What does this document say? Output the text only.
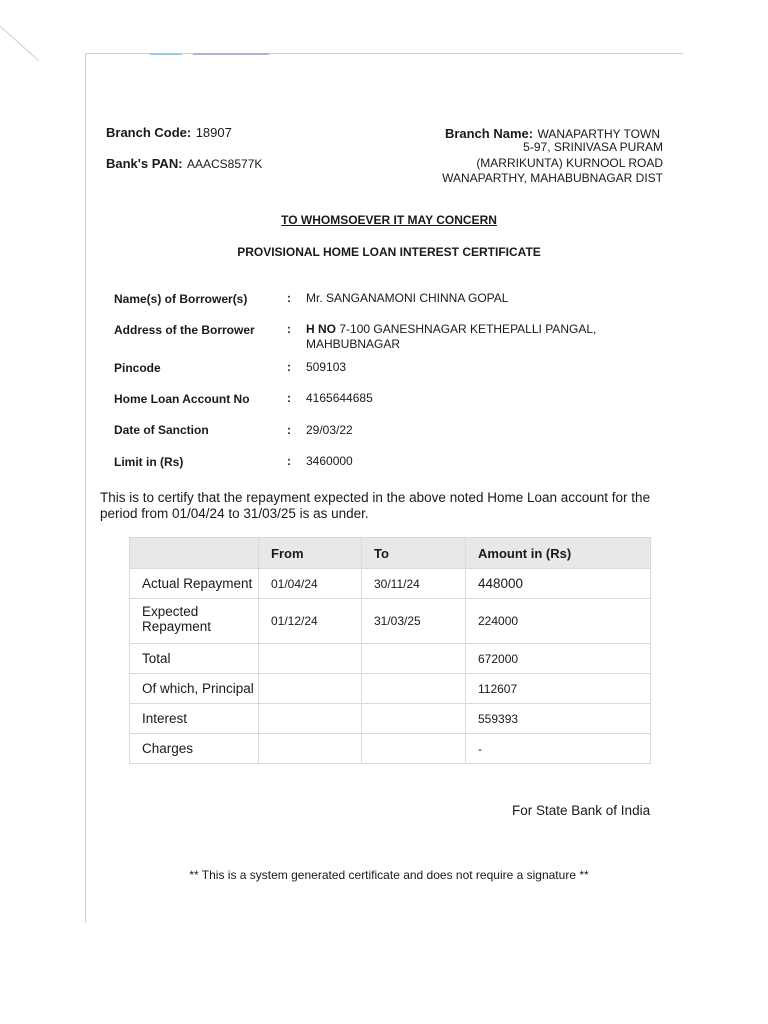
Branch Code: 18907
Bank's PAN: AAACS8577K
Branch Name: WANAPARTHY TOWN
5-97, SRINIVASA PURAM
(MARRIKUNTA) KURNOOL ROAD
WANAPARTHY, MAHABUBNAGAR DIST
TO WHOMSOEVER IT MAY CONCERN
PROVISIONAL HOME LOAN INTEREST CERTIFICATE
Name(s) of Borrower(s)	: Mr. SANGANAMONI CHINNA GOPAL
Address of the Borrower	: H NO 7-100 GANESHNAGAR KETHEPALLI PANGAL,
MAHBUBNAGAR
Pincode	: 509103
Home Loan Account No	: 4165644685
Date of Sanction	: 29/03/22
Limit in (Rs)	: 3460000
This is to certify that the repayment expected in the above noted Home Loan account for the period from 01/04/24 to 31/03/25 is as under.
	From	To	Amount in (Rs)
Actual Repayment	01/04/24	30/11/24	448000

Expected Repayment	01/12/24	31/03/25	224000
Total			672000
Of which, Principal			112607
Interest			559393
Charges			-
For State Bank of India
** This is a system generated certificate and does not require a signature **
